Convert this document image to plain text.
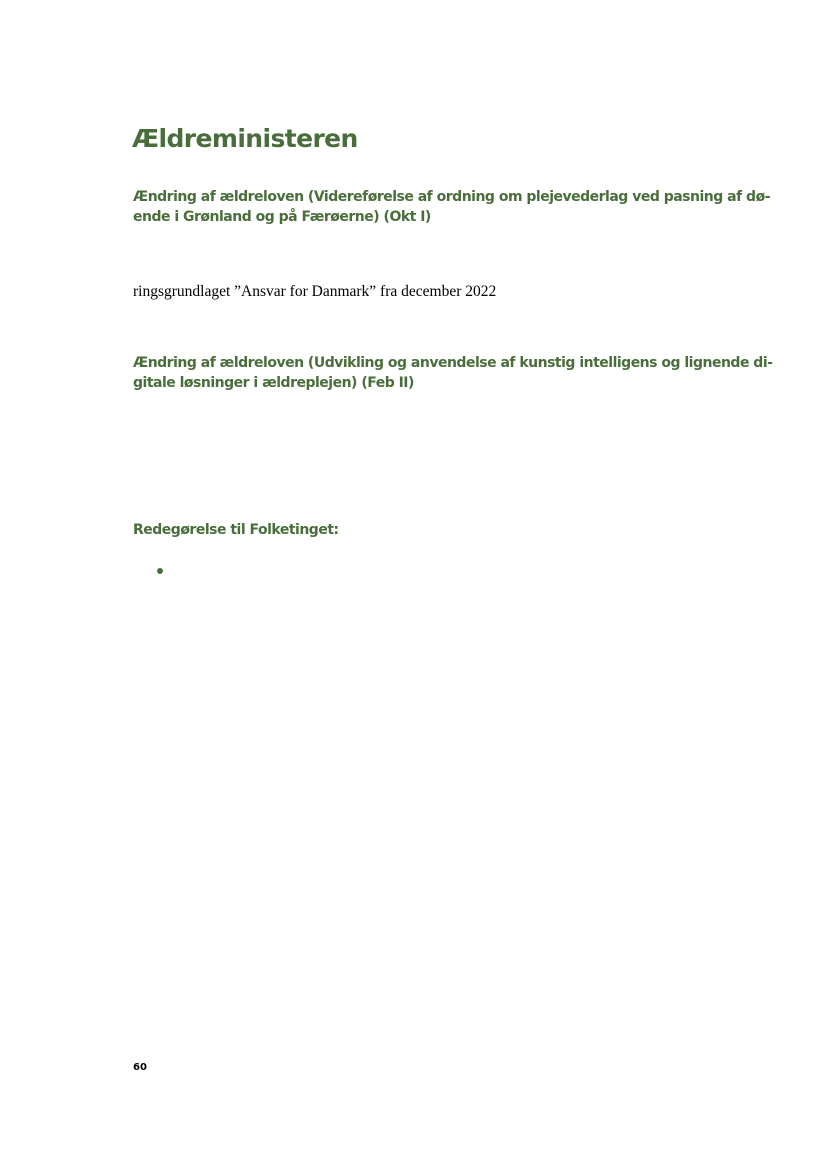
Ældreministeren
Ændring af ældreloven (Videreførelse af ordning om plejevederlag ved pasning af dø-
ende i Grønland og på Færøerne) (Okt I)

ringsgrundlaget ”Ansvar for Danmark” fra december 2022

Ændring af ældreloven (Udvikling og anvendelse af kunstig intelligens og lignende di-
gitale løsninger i ældreplejen) (Feb II)
Redegørelse til Folketinget:
60
